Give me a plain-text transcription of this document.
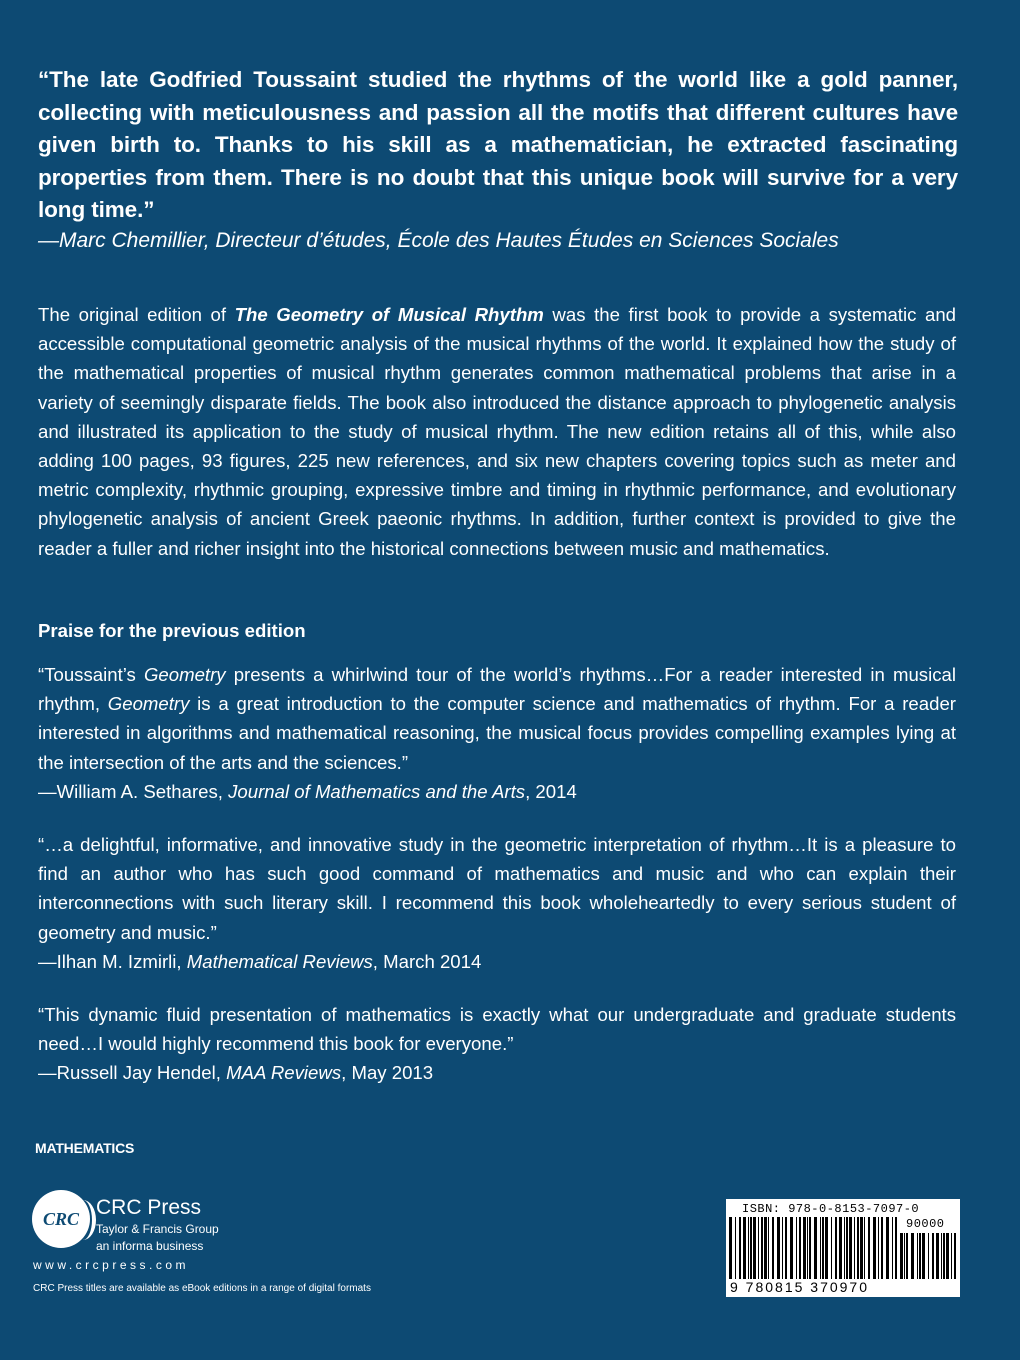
“The late Godfried Toussaint studied the rhythms of the world like a gold panner, collecting with meticulousness and passion all the motifs that different cultures have given birth to. Thanks to his skill as a mathematician, he extracted fascinating properties from them. There is no doubt that this unique book will survive for a very long time.”
—Marc Chemillier, Directeur d’études, École des Hautes Études en Sciences Sociales
The original edition of The Geometry of Musical Rhythm was the first book to provide a systematic and accessible computational geometric analysis of the musical rhythms of the world. It explained how the study of the mathematical properties of musical rhythm generates common mathematical problems that arise in a variety of seemingly disparate fields. The book also introduced the distance approach to phylogenetic analysis and illustrated its application to the study of musical rhythm. The new edition retains all of this, while also adding 100 pages, 93 figures, 225 new references, and six new chapters covering topics such as meter and metric complexity, rhythmic grouping, expressive timbre and timing in rhythmic performance, and evolutionary phylogenetic analysis of ancient Greek paeonic rhythms. In addition, further context is provided to give the reader a fuller and richer insight into the historical connections between music and mathematics.
Praise for the previous edition

“Toussaint’s Geometry presents a whirlwind tour of the world’s rhythms…For a reader interested in musical rhythm, Geometry is a great introduction to the computer science and mathematics of rhythm. For a reader interested in algorithms and mathematical reasoning, the musical focus provides compelling examples lying at the intersection of the arts and the sciences.”

—William A. Sethares, Journal of Mathematics and the Arts, 2014

“…a delightful, informative, and innovative study in the geometric interpretation of rhythm…It is a pleasure to find an author who has such good command of mathematics and music and who can explain their interconnections with such literary skill. I recommend this book wholeheartedly to every serious student of geometry and music.”

—Ilhan M. Izmirli, Mathematical Reviews, March 2014

“This dynamic fluid presentation of mathematics is exactly what our undergraduate and graduate students need…I would highly recommend this book for everyone.”

—Russell Jay Hendel, MAA Reviews, May 2013

MATHEMATICS
CRC CRC Press
Taylor & Francis Group
an informa business
www.crcpress.com
CRC Press titles are available as eBook editions in a range of digital formats
ISBN: 978-0-8153-7097-0
90000
9 780815 370970
